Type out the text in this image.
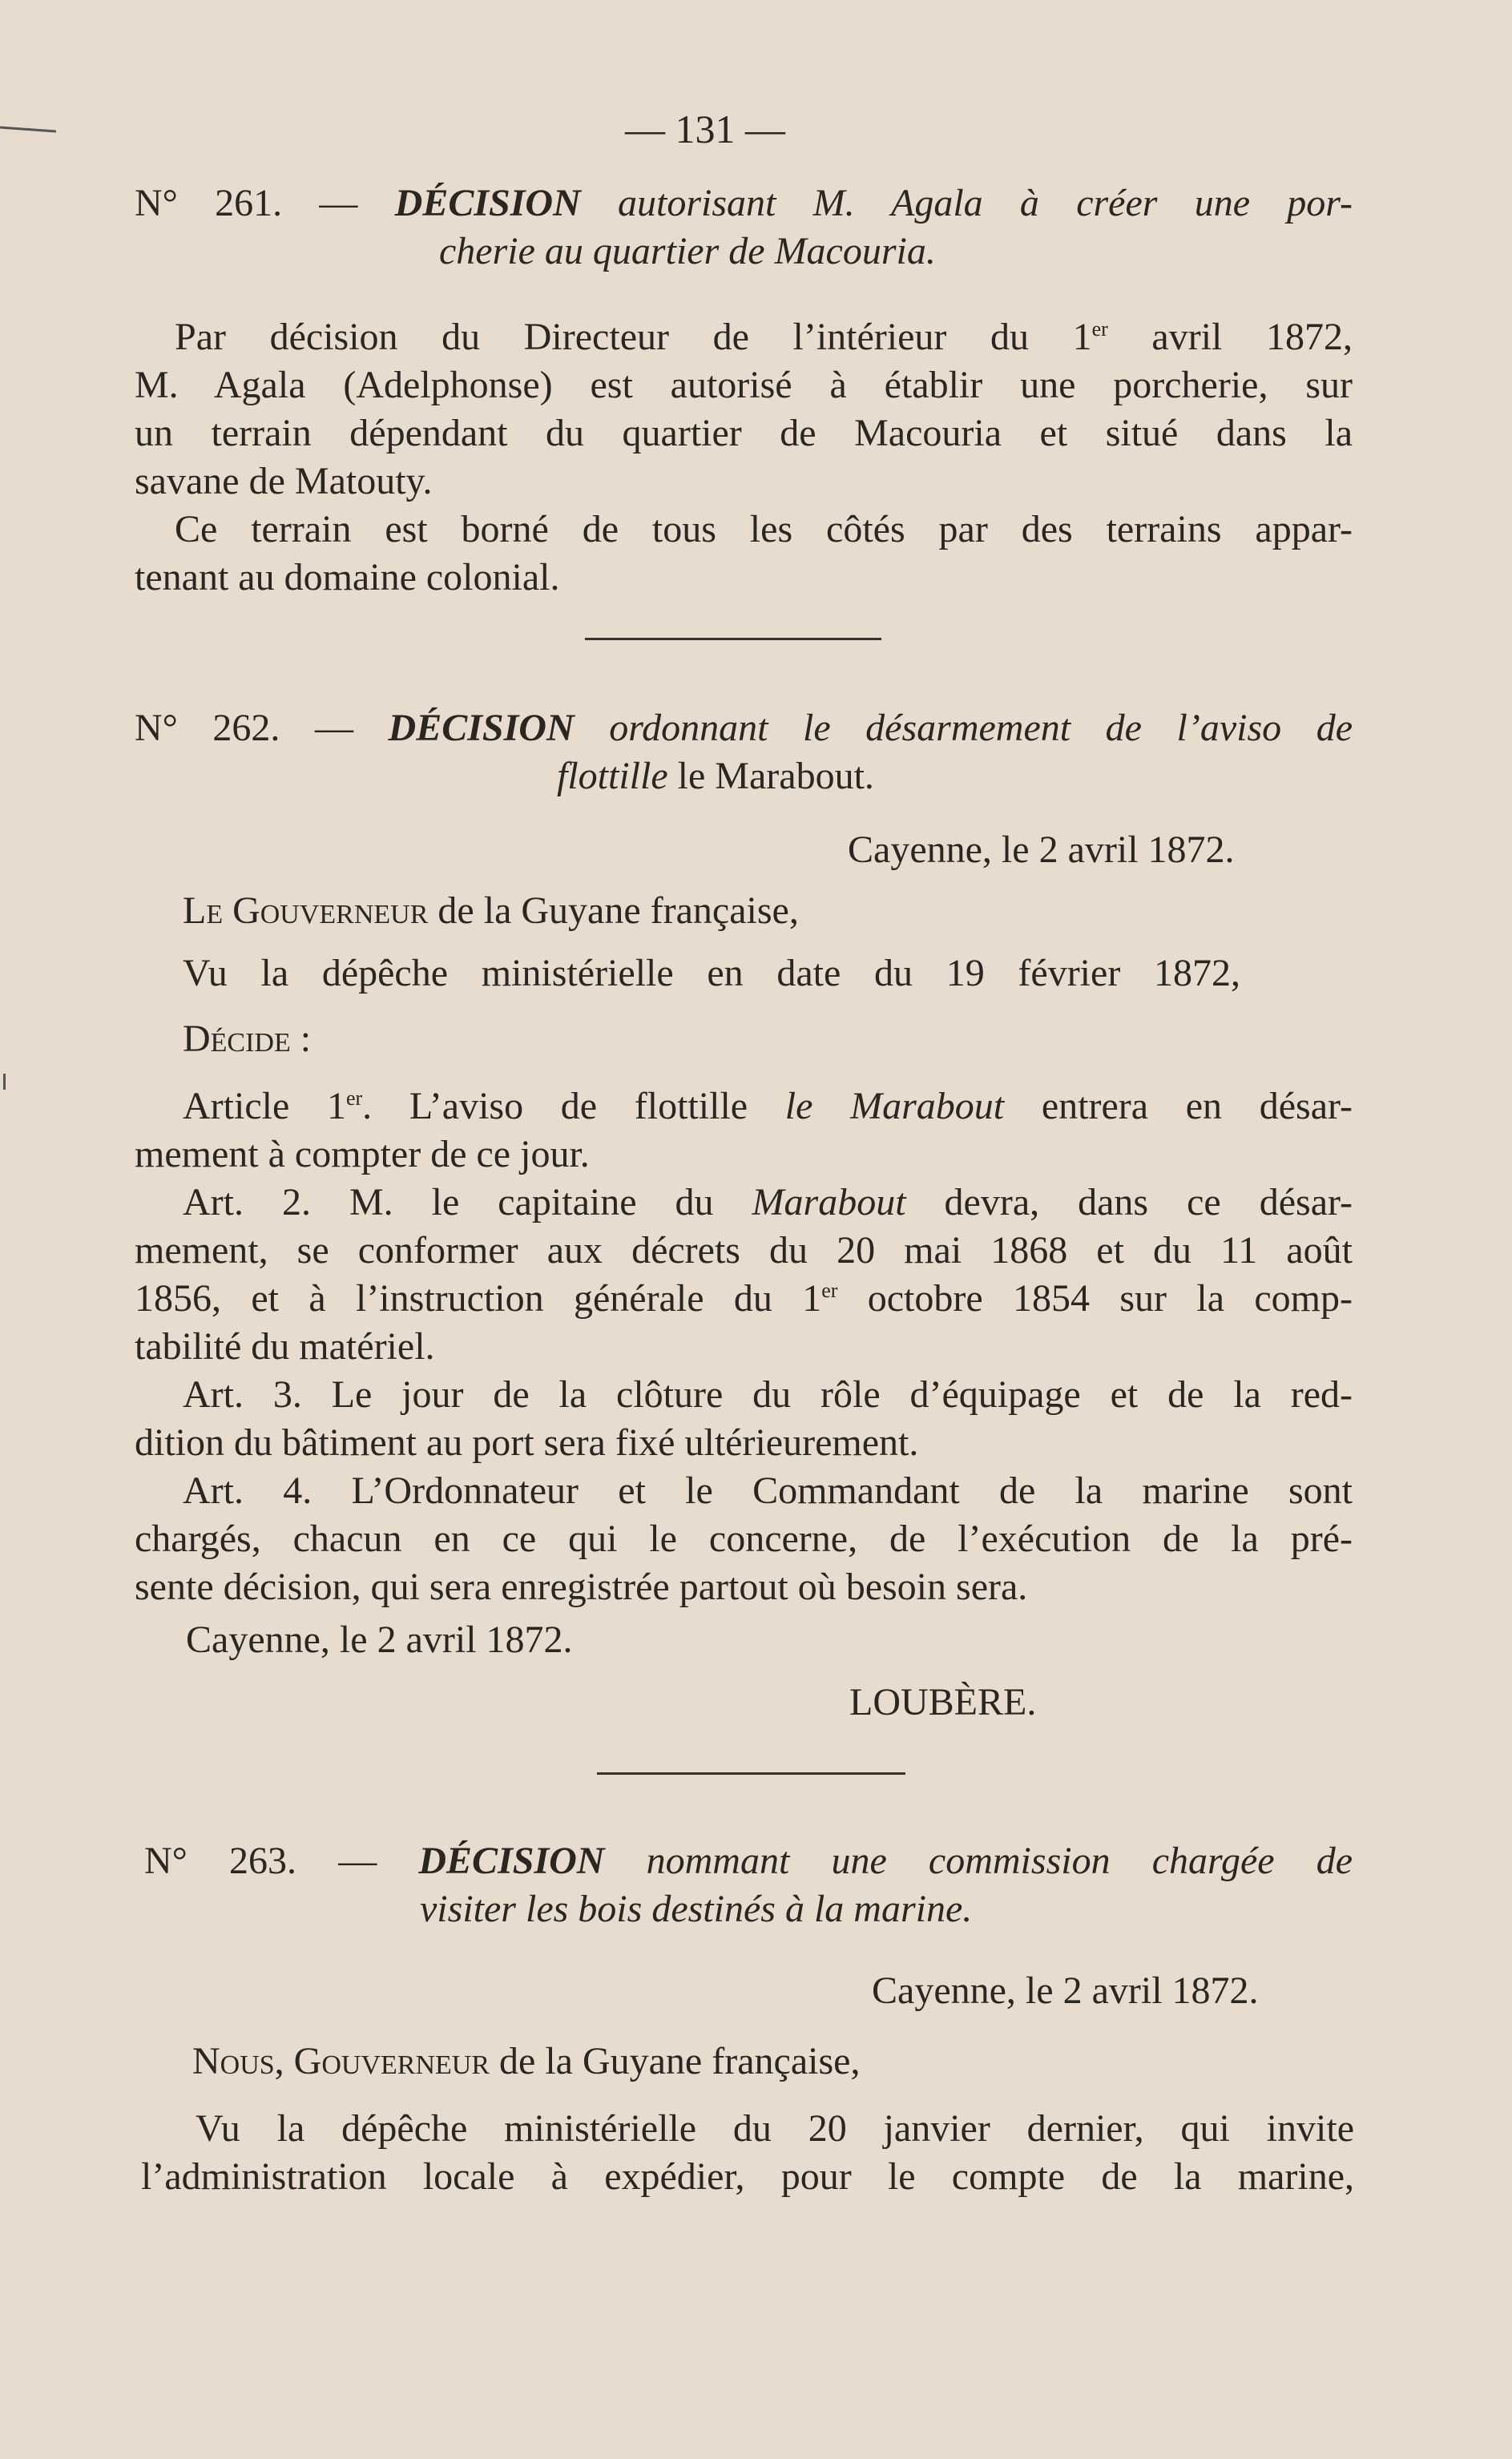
— 131 —
N° 261. — DÉCISION autorisant M. Agala à créer une por-
cherie au quartier de Macouria.
Par décision du Directeur de l’intérieur du 1er avril 1872,
M. Agala (Adelphonse) est autorisé à établir une porcherie, sur
un terrain dépendant du quartier de Macouria et situé dans la
savane de Matouty.
Ce terrain est borné de tous les côtés par des terrains appar-
tenant au domaine colonial.
N° 262. — DÉCISION ordonnant le désarmement de l’aviso de
flottille le Marabout.
Cayenne, le 2 avril 1872.
Le Gouverneur de la Guyane française,
Vu la dépêche ministérielle en date du 19 février 1872,
Décide :
Article 1er. L’aviso de flottille le Marabout entrera en désar-
mement à compter de ce jour.
Art. 2. M. le capitaine du Marabout devra, dans ce désar-
mement, se conformer aux décrets du 20 mai 1868 et du 11 août
1856, et à l’instruction générale du 1er octobre 1854 sur la comp-
tabilité du matériel.
Art. 3. Le jour de la clôture du rôle d’équipage et de la red-
dition du bâtiment au port sera fixé ultérieurement.
Art. 4. L’Ordonnateur et le Commandant de la marine sont
chargés, chacun en ce qui le concerne, de l’exécution de la pré-
sente décision, qui sera enregistrée partout où besoin sera.
Cayenne, le 2 avril 1872.
LOUBÈRE.
N° 263. — DÉCISION nommant une commission chargée de
visiter les bois destinés à la marine.
Cayenne, le 2 avril 1872.
Nous, Gouverneur de la Guyane française,
Vu la dépêche ministérielle du 20 janvier dernier, qui invite
l’administration locale à expédier, pour le compte de la marine,
